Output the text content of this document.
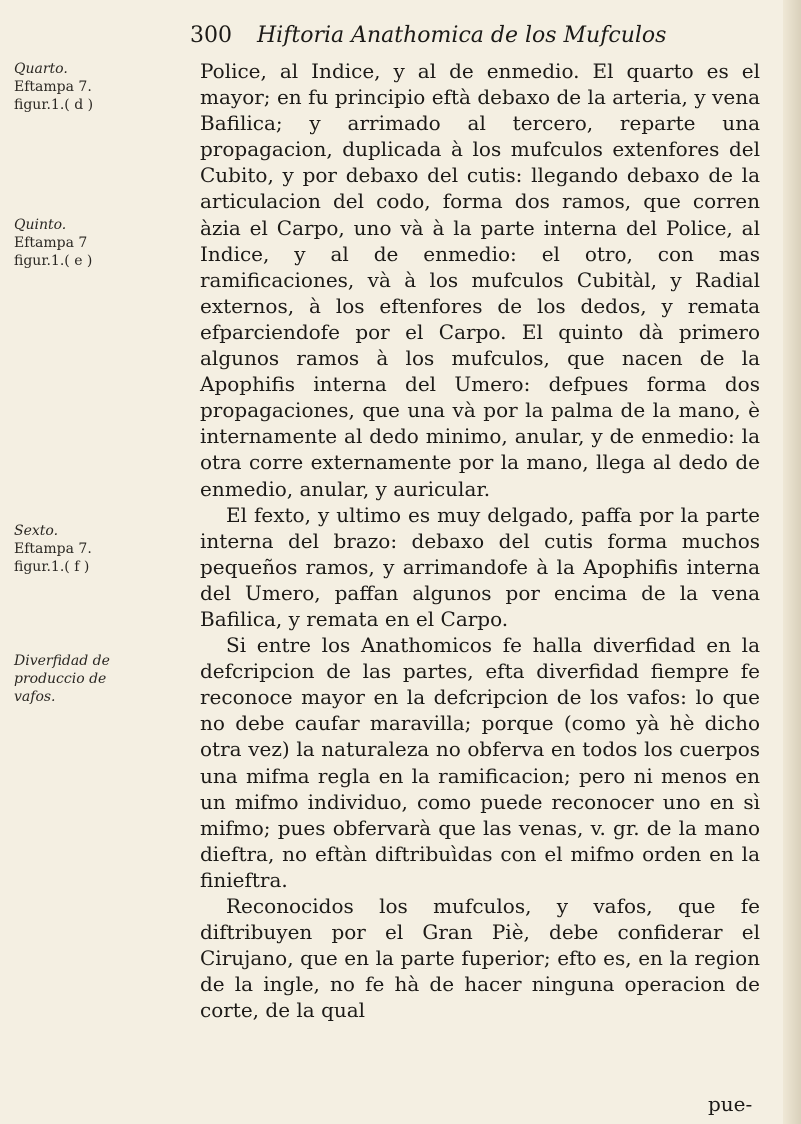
300 Hiftoria Anathomica de los Mufculos
Quarto.
Eftampa 7. figur.1.( d )
Quinto.
Eftampa 7 figur.1.( e )
Sexto.
Eftampa 7. figur.1.( f )
Diverfidad de produccio de vafos.

Police, al Indice, y al de enmedio. El quarto es el mayor; en fu principio eftà debaxo de la arteria, y vena Bafilica; y arrimado al tercero, reparte una propagacion, duplicada à los mufculos extenfores del Cubito, y por debaxo del cutis: llegando debaxo de la articulacion del codo, forma dos ramos, que corren àzia el Carpo, uno và à la parte interna del Police, al Indice, y al de enmedio: el otro, con mas ramificaciones, và à los mufculos Cubitàl, y Radial externos, à los eftenfores de los dedos, y remata efparciendofe por el Carpo. El quinto dà primero algunos ramos à los mufculos, que nacen de la Apophifis interna del Umero: defpues forma dos propagaciones, que una và por la palma de la mano, è internamente al dedo minimo, anular, y de enmedio: la otra corre externamente por la mano, llega al dedo de enmedio, anular, y auricular.

El fexto, y ultimo es muy delgado, paffa por la parte interna del brazo: debaxo del cutis forma muchos pequeños ramos, y arrimandofe à la Apophifis interna del Umero, paffan algunos por encima de la vena Bafilica, y remata en el Carpo.

Si entre los Anathomicos fe halla diverfidad en la defcripcion de las partes, efta diverfidad fiempre fe reconoce mayor en la defcripcion de los vafos: lo que no debe caufar maravilla; porque (como yà hè dicho otra vez) la naturaleza no obferva en todos los cuerpos una mifma regla en la ramificacion; pero ni menos en un mifmo individuo, como puede reconocer uno en sì mifmo; pues obfervarà que las venas, v. gr. de la mano dieftra, no eftàn diftribuìdas con el mifmo orden en la finieftra.

Reconocidos los mufculos, y vafos, que fe diftribuyen por el Gran Piè, debe confiderar el Cirujano, que en la parte fuperior; efto es, en la region de la ingle, no fe hà de hacer ninguna operacion de corte, de la qual

pue-
